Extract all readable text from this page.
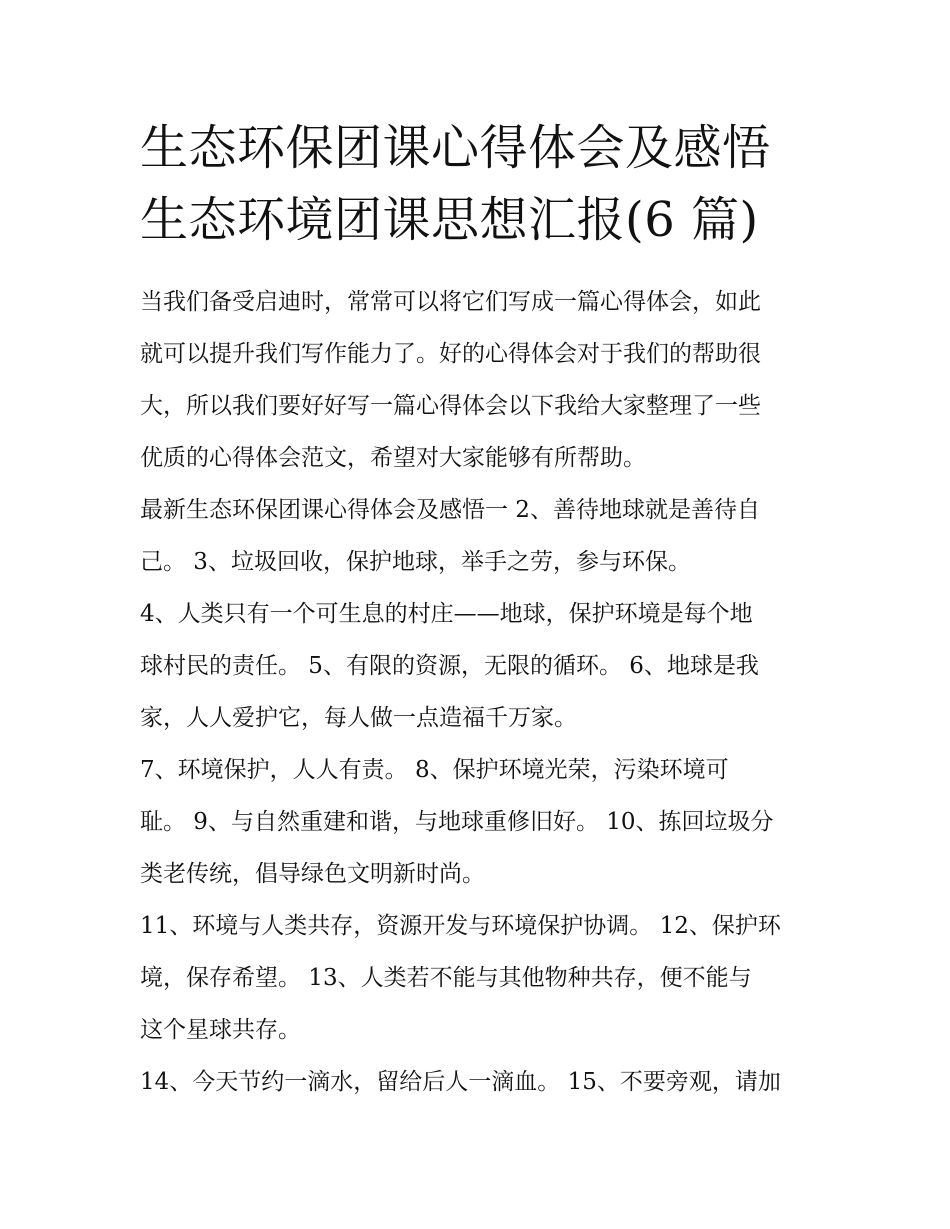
生态环保团课心得体会及感悟
生态环境团课思想汇报(6 篇)

当我们备受启迪时，常常可以将它们写成一篇心得体会，如此
就可以提升我们写作能力了。好的心得体会对于我们的帮助很
大，所以我们要好好写一篇心得体会以下我给大家整理了一些
优质的心得体会范文，希望对大家能够有所帮助。

最新生态环保团课心得体会及感悟一 2、善待地球就是善待自
己。 3、垃圾回收，保护地球，举手之劳，参与环保。

4、人类只有一个可生息的村庄——地球，保护环境是每个地
球村民的责任。 5、有限的资源，无限的循环。 6、地球是我
家，人人爱护它，每人做一点造福千万家。

7、环境保护，人人有责。 8、保护环境光荣，污染环境可
耻。 9、与自然重建和谐，与地球重修旧好。 10、拣回垃圾分
类老传统，倡导绿色文明新时尚。

11、环境与人类共存，资源开发与环境保护协调。 12、保护环
境，保存希望。 13、人类若不能与其他物种共存，便不能与
这个星球共存。

14、今天节约一滴水，留给后人一滴血。 15、不要旁观，请加
